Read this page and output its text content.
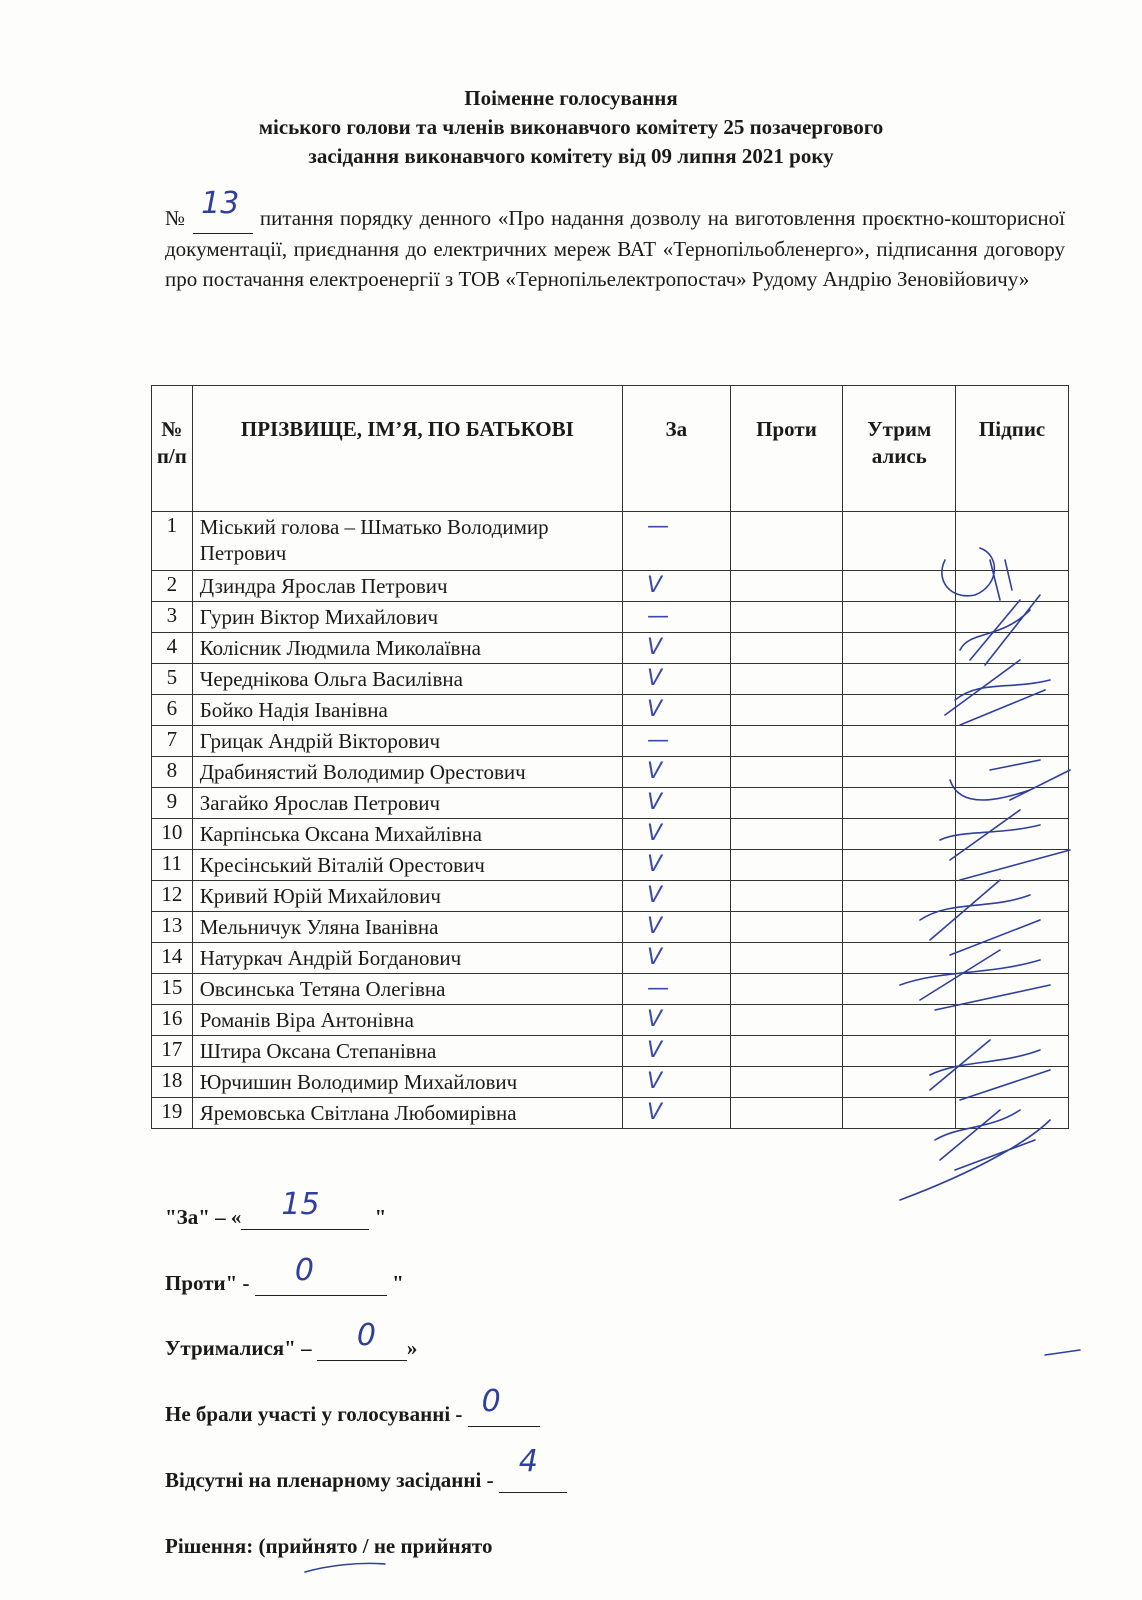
Поіменне голосування
міського голови та членів виконавчого комітету 25 позачергового
засідання виконавчого комітету від 09 липня 2021 року
№ 13 питання порядку денного «Про надання дозволу на виготовлення проєктно-кошторисної документації, приєднання до електричних мереж ВАТ «Тернопільобленерго», підписання договору про постачання електроенергії з ТОВ «Тернопільелектропостач» Рудому Андрію Зеновійовичу»
№ п/п	ПРІЗВИЩЕ, ІМ’Я, ПО БАТЬКОВІ	За	Проти	Утрим ались	Підпис
1	Міський голова – Шматько Володимир Петрович	—			
2	Дзиндра Ярослав Петрович	V			
3	Гурин Віктор Михайлович	—			
4	Колісник Людмила Миколаївна	V			
5	Череднікова Ольга Василівна	V			
6	Бойко Надія Іванівна	V			
7	Грицак Андрій Вікторович	—			
8	Драбинястий Володимир Орестович	V			
9	Загайко Ярослав Петрович	V			
10	Карпінська Оксана Михайлівна	V			
11	Кресінський Віталій Орестович	V			
12	Кривий Юрій Михайлович	V			
13	Мельничук Уляна Іванівна	V			
14	Натуркач Андрій Богданович	V			
15	Овсинська Тетяна Олегівна	—			
16	Романів Віра Антонівна	V			
17	Штира Оксана Степанівна	V			
18	Юрчишин Володимир Михайлович	V			
19	Яремовська Світлана Любомирівна	V			
"За" – « 15 "
Проти" - 0	"
Утрималися" – 0 »
Не брали участі у голосуванні - 0
Відсутні на пленарному засіданні -
4
Рішення: (прийнято / не прийнято
